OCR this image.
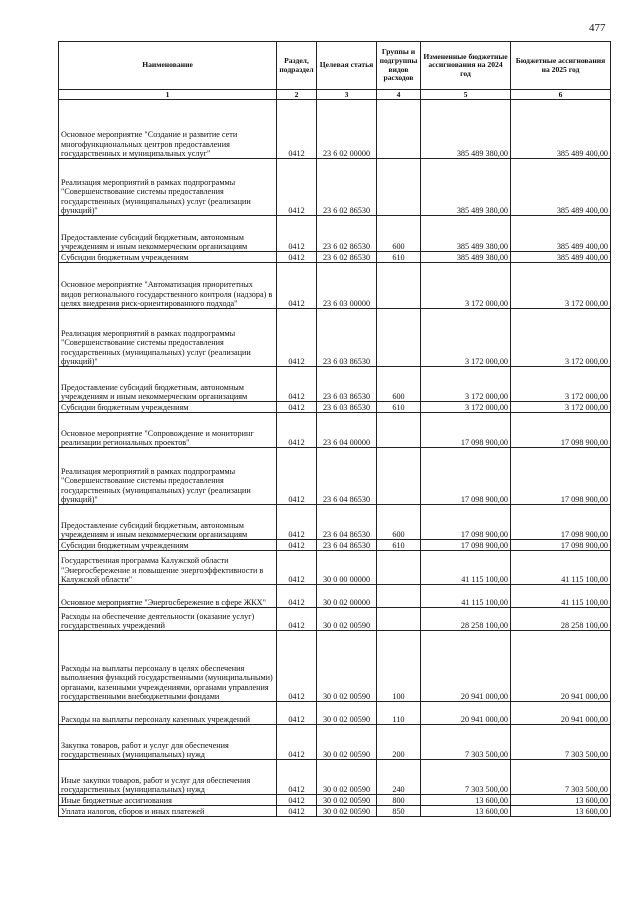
477
Наименование	Раздел, подраздел	Целевая статья	Группы и подгруппы видов расходов	Измененные бюджетные ассигнования на 2024 год	Бюджетные ассигнования на 2025 год
1	2	3	4	5	6
Основное мероприятие "Создание и развитие сети многофункциональных центров предоставления государственных и муниципальных услуг"	0412	23 6 02 00000		385 489 380,00	385 489 400,00
Реализация мероприятий в рамках подпрограммы "Совершенствование системы предоставления государственных (муниципальных) услуг (реализации функций)"	0412	23 6 02 86530		385 489 380,00	385 489 400,00
Предоставление субсидий бюджетным, автономным учреждениям и иным некоммерческим организациям	0412	23 6 02 86530	600	385 489 380,00	385 489 400,00
Субсидии бюджетным учреждениям	0412	23 6 02 86530	610	385 489 380,00	385 489 400,00
Основное мероприятие "Автоматизация приоритетных видов регионального государственного контроля (надзора) в целях внедрения риск-ориентированного подхода"	0412	23 6 03 00000		3 172 000,00	3 172 000,00
Реализация мероприятий в рамках подпрограммы "Совершенствование системы предоставления государственных (муниципальных) услуг (реализации функций)"	0412	23 6 03 86530		3 172 000,00	3 172 000,00
Предоставление субсидий бюджетным, автономным учреждениям и иным некоммерческим организациям	0412	23 6 03 86530	600	3 172 000,00	3 172 000,00
Субсидии бюджетным учреждениям	0412	23 6 03 86530	610	3 172 000,00	3 172 000,00
Основное мероприятие "Сопровождение и мониторинг реализации региональных проектов"	0412	23 6 04 00000		17 098 900,00	17 098 900,00
Реализация мероприятий в рамках подпрограммы "Совершенствование системы предоставления государственных (муниципальных) услуг (реализации функций)"	0412	23 6 04 86530		17 098 900,00	17 098 900,00
Предоставление субсидий бюджетным, автономным учреждениям и иным некоммерческим организациям	0412	23 6 04 86530	600	17 098 900,00	17 098 900,00
Субсидии бюджетным учреждениям	0412	23 6 04 86530	610	17 098 900,00	17 098 900,00
Государственная программа Калужской области "Энергосбережение и повышение энергоэффективности в Калужской области"	0412	30 0 00 00000		41 115 100,00	41 115 100,00
Основное мероприятие "Энергосбережение в сфере ЖКХ"	0412	30 0 02 00000		41 115 100,00	41 115 100,00
Расходы на обеспечение деятельности (оказание услуг) государственных учреждений	0412	30 0 02 00590		28 258 100,00	28 258 100,00
Расходы на выплаты персоналу в целях обеспечения выполнения функций государственными (муниципальными) органами, казенными учреждениями, органами управления государственными внебюджетными фондами	0412	30 0 02 00590	100	20 941 000,00	20 941 000,00
Расходы на выплаты персоналу казенных учреждений	0412	30 0 02 00590	110	20 941 000,00	20 941 000,00
Закупка товаров, работ и услуг для обеспечения государственных (муниципальных) нужд	0412	30 0 02 00590	200	7 303 500,00	7 303 500,00
Иные закупки товаров, работ и услуг для обеспечения государственных (муниципальных) нужд	0412	30 0 02 00590	240	7 303 500,00	7 303 500,00
Иные бюджетные ассигнования	0412	30 0 02 00590	800	13 600,00	13 600,00
Уплата налогов, сборов и иных платежей	0412	30 0 02 00590	850	13 600,00	13 600,00
